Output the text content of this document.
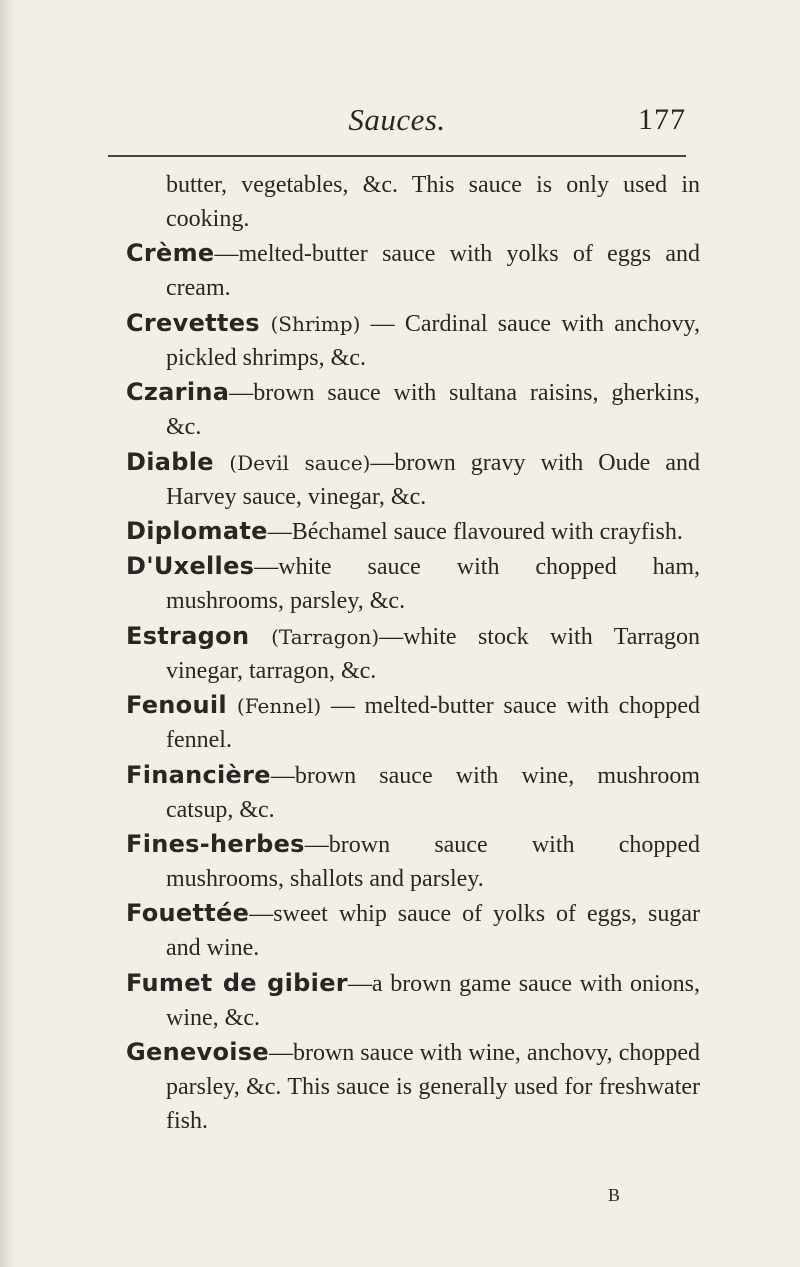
Sauces.	177

butter, vegetables, &c. This sauce is only used in cooking.

Crème—melted-butter sauce with yolks of eggs and cream.

Crevettes (Shrimp) — Cardinal sauce with anchovy, pickled shrimps, &c.

Czarina—brown sauce with sultana raisins, gherkins, &c.

Diable (Devil sauce)—brown gravy with Oude and Harvey sauce, vinegar, &c.

Diplomate—Béchamel sauce flavoured with crayfish.

D'Uxelles—white sauce with chopped ham, mushrooms, parsley, &c.

Estragon (Tarragon)—white stock with Tarragon vinegar, tarragon, &c.

Fenouil (Fennel) — melted-butter sauce with chopped fennel.

Financière—brown sauce with wine, mushroom catsup, &c.

Fines-herbes—brown sauce with chopped mushrooms, shallots and parsley.

Fouettée—sweet whip sauce of yolks of eggs, sugar and wine.

Fumet de gibier—a brown game sauce with onions, wine, &c.

Genevoise—brown sauce with wine, anchovy, chopped parsley, &c. This sauce is generally used for freshwater fish.

B
